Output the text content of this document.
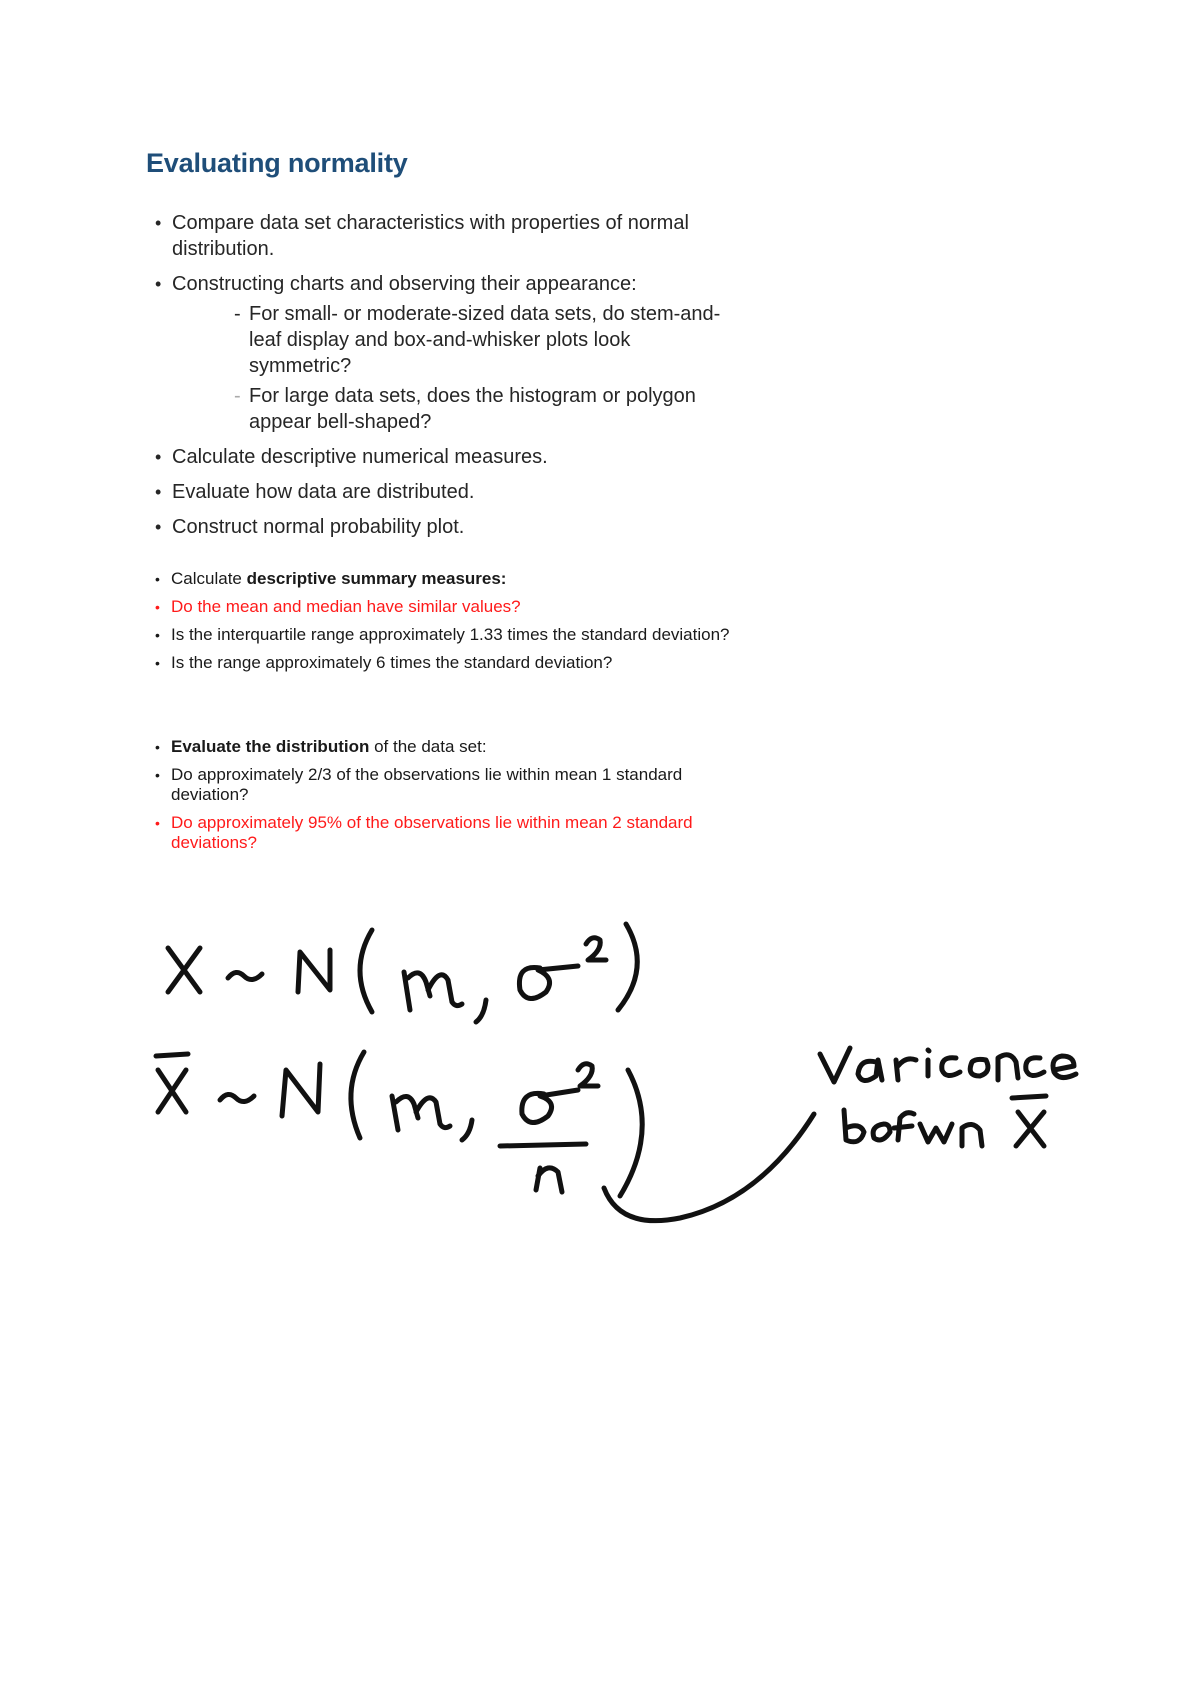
Evaluating normality
• Compare data set characteristics with properties of normal distribution.
• Constructing charts and observing their appearance:
- For small- or moderate-sized data sets, do stem-and-leaf display and box-and-whisker plots look symmetric?
- For large data sets, does the histogram or polygon appear bell-shaped?
• Calculate descriptive numerical measures.
• Evaluate how data are distributed.
• Construct normal probability plot.
• Calculate descriptive summary measures:
• Do the mean and median have similar values?
• Is the interquartile range approximately 1.33 times the standard deviation?
• Is the range approximately 6 times the standard deviation?
• Evaluate the distribution of the data set:
• Do approximately 2/3 of the observations lie within mean 1 standard deviation?
• Do approximately 95% of the observations lie within mean 2 standard deviations?
